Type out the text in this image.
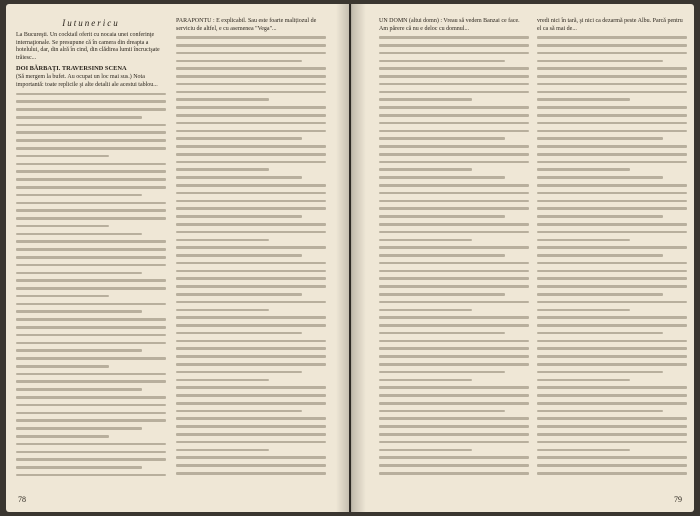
Iutunericu
La Bucureşti. Un cocktail oferit cu nocaia unei conferinţe internaţionale. Se presupune că în camera din dreapta a hotelului, dar, din alră în cind, din clădirea lumii încrucişate trăiesc...
DOI BĂRBAŢI. TRAVERSIND SCENA
(Să mergem la bufet. Au ocupat un loc mai sus.) Nota importantă: toate replicile şi alte detalii ale acestui tablou...
PARAPONTU : E explicabil. Sau este foarte malițiozul de serviciu de altfel, e cu asemenea "Vega"...
78
UN DOMN (altui domn) : Vreau să vedem Banzai ce face. Am părere că nu e deloc cu domnul...
vredi nici în tară, şi nici ca dezarmă peste Albu. Parcă pentru el ca să mai de...
79
